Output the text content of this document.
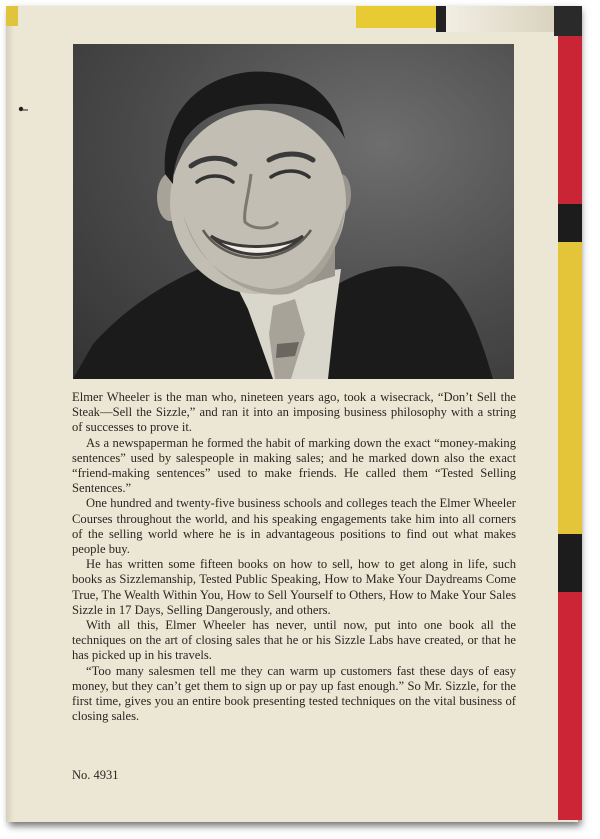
Elmer Wheeler is the man who, nineteen years ago, took a wisecrack, “Don’t Sell the Steak—Sell the Sizzle,” and ran it into an imposing business philosophy with a string of successes to prove it.

As a newspaperman he formed the habit of marking down the exact “money-making sentences” used by salespeople in making sales; and he marked down also the exact “friend-making sentences” used to make friends. He called them “Tested Selling Sentences.”

One hundred and twenty-five business schools and colleges teach the Elmer Wheeler Courses throughout the world, and his speaking engagements take him into all corners of the selling world where he is in advantageous positions to find out what makes people buy.

He has written some fifteen books on how to sell, how to get along in life, such books as Sizzlemanship, Tested Public Speaking, How to Make Your Daydreams Come True, The Wealth Within You, How to Sell Yourself to Others, How to Make Your Sales Sizzle in 17 Days, Selling Dangerously, and others.

With all this, Elmer Wheeler has never, until now, put into one book all the techniques on the art of closing sales that he or his Sizzle Labs have created, or that he has picked up in his travels.

“Too many salesmen tell me they can warm up customers fast these days of easy money, but they can’t get them to sign up or pay up fast enough.” So Mr. Sizzle, for the first time, gives you an entire book presenting tested techniques on the vital business of closing sales.

No. 4931
